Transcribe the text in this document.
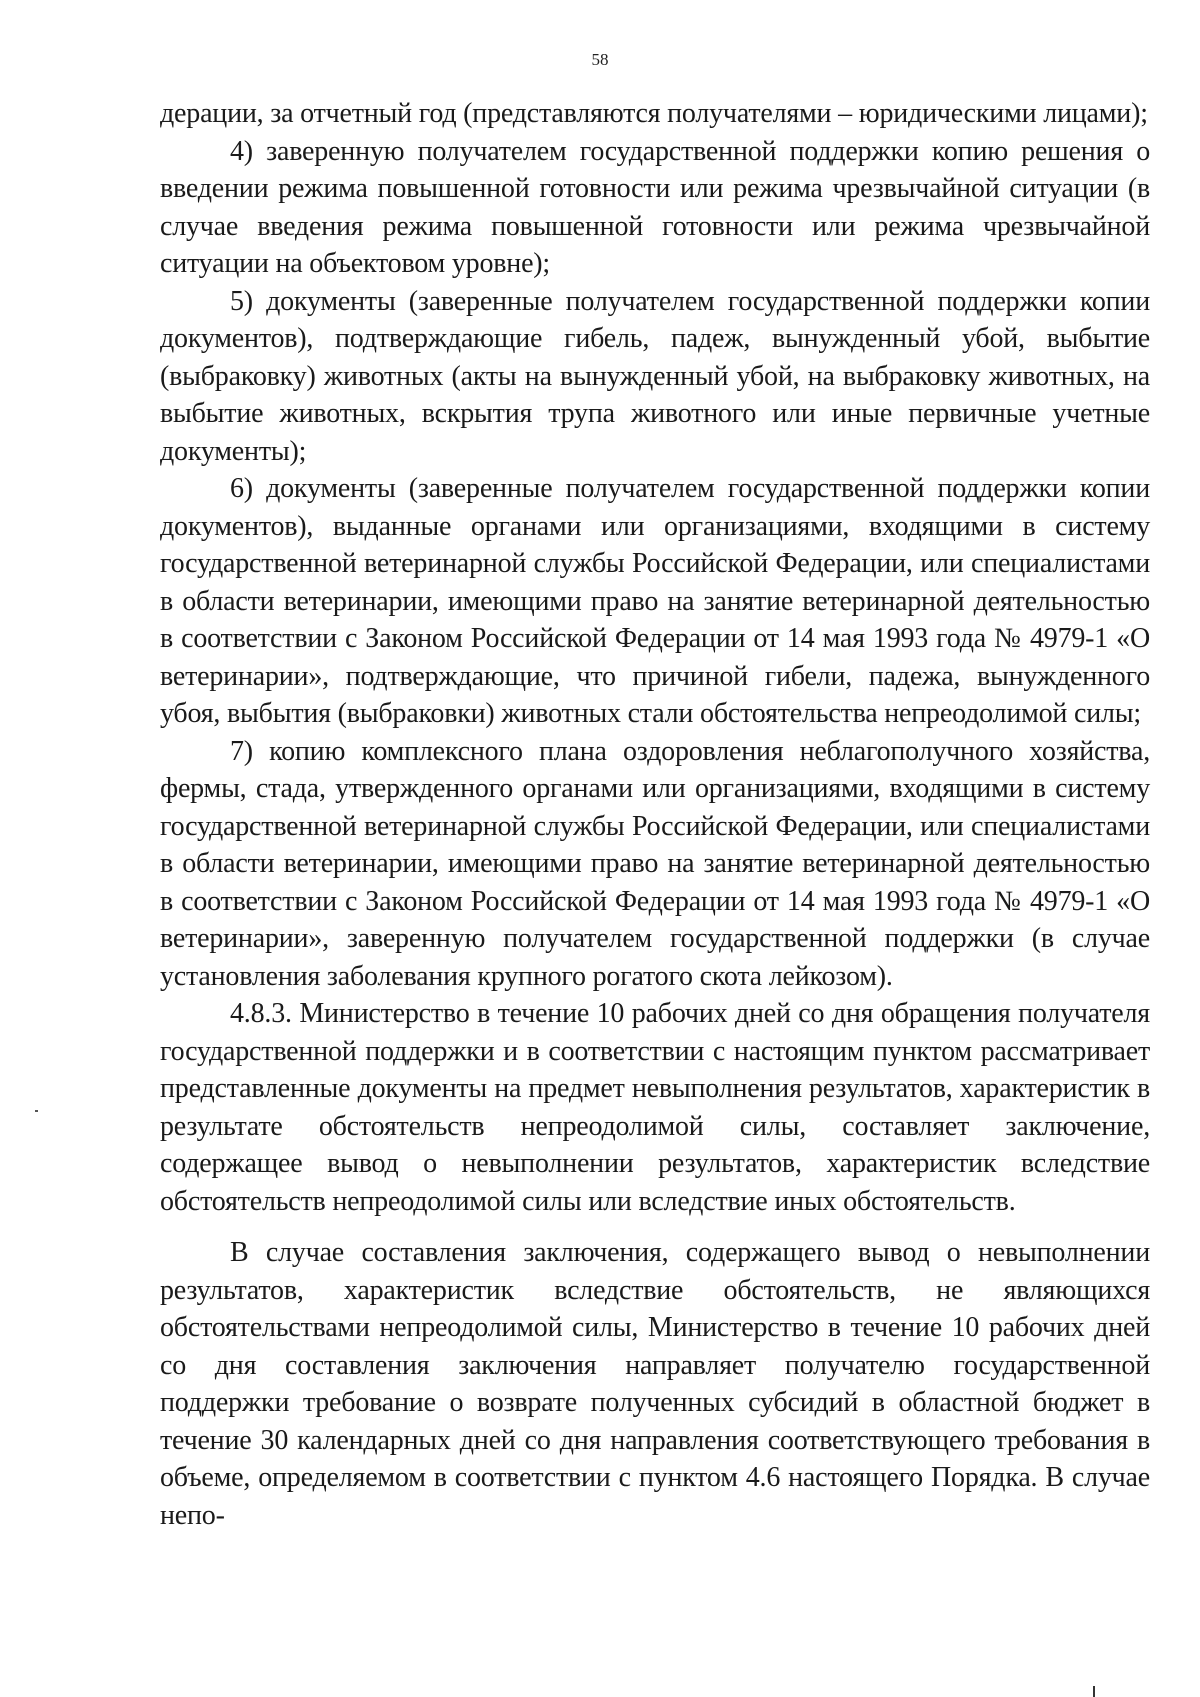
58

дерации, за отчетный год (представляются получателями – юридическими лицами);

4) заверенную получателем государственной поддержки копию решения о введении режима повышенной готовности или режима чрезвычайной ситуации (в случае введения режима повышенной готовности или режима чрезвычайной ситуации на объектовом уровне);

5) документы (заверенные получателем государственной поддержки копии документов), подтверждающие гибель, падеж, вынужденный убой, выбытие (выбраковку) животных (акты на вынужденный убой, на выбраковку животных, на выбытие животных, вскрытия трупа животного или иные первичные учетные документы);

6) документы (заверенные получателем государственной поддержки копии документов), выданные органами или организациями, входящими в систему государственной ветеринарной службы Российской Федерации, или специалистами в области ветеринарии, имеющими право на занятие ветеринарной деятельностью в соответствии с Законом Российской Федерации от 14 мая 1993 года № 4979-1 «О ветеринарии», подтверждающие, что причиной гибели, падежа, вынужденного убоя, выбытия (выбраковки) животных стали обстоятельства непреодолимой силы;

7) копию комплексного плана оздоровления неблагополучного хозяйства, фермы, стада, утвержденного органами или организациями, входящими в систему государственной ветеринарной службы Российской Федерации, или специалистами в области ветеринарии, имеющими право на занятие ветеринарной деятельностью в соответствии с Законом Российской Федерации от 14 мая 1993 года № 4979-1 «О ветеринарии», заверенную получателем государственной поддержки (в случае установления заболевания крупного рогатого скота лейкозом).

4.8.3. Министерство в течение 10 рабочих дней со дня обращения получателя государственной поддержки и в соответствии с настоящим пунктом рассматривает представленные документы на предмет невыполнения результатов, характеристик в результате обстоятельств непреодолимой силы, составляет заключение, содержащее вывод о невыполнении результатов, характеристик вследствие обстоятельств непреодолимой силы или вследствие иных обстоятельств.

В случае составления заключения, содержащего вывод о невыполнении результатов, характеристик вследствие обстоятельств, не являющихся обстоятельствами непреодолимой силы, Министерство в течение 10 рабочих дней со дня составления заключения направляет получателю государственной поддержки требование о возврате полученных субсидий в областной бюджет в течение 30 календарных дней со дня направления соответствующего требования в объеме, определяемом в соответствии с пунктом 4.6 настоящего Порядка. В случае непо-
